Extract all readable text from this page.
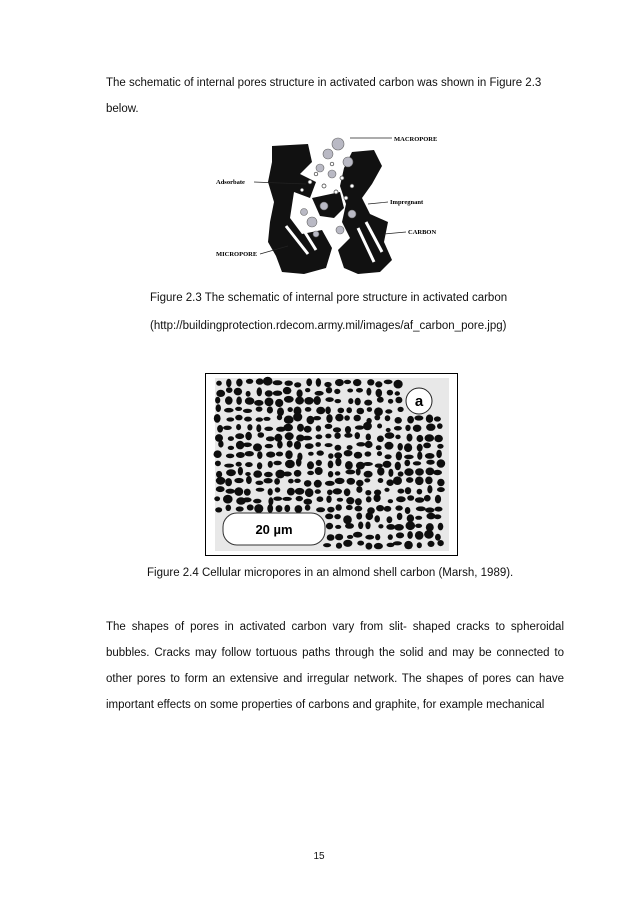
The schematic of internal pores structure in activated carbon was shown in Figure 2.3
below.

MACROPORE
Adsorbate
Impregnant
CARBON
MICROPORE

Figure 2.3 The schematic of internal pore structure in activated carbon

(http://buildingprotection.rdecom.army.mil/images/af_carbon_pore.jpg)

a
20 µm

Figure 2.4 Cellular micropores in an almond shell carbon (Marsh, 1989).

The shapes of pores in activated carbon vary from slit- shaped cracks to spheroidal
bubbles. Cracks may follow tortuous paths through the solid and may be connected to
other pores to form an extensive and irregular network. The shapes of pores can have
important effects on some properties of carbons and graphite, for example mechanical

15
